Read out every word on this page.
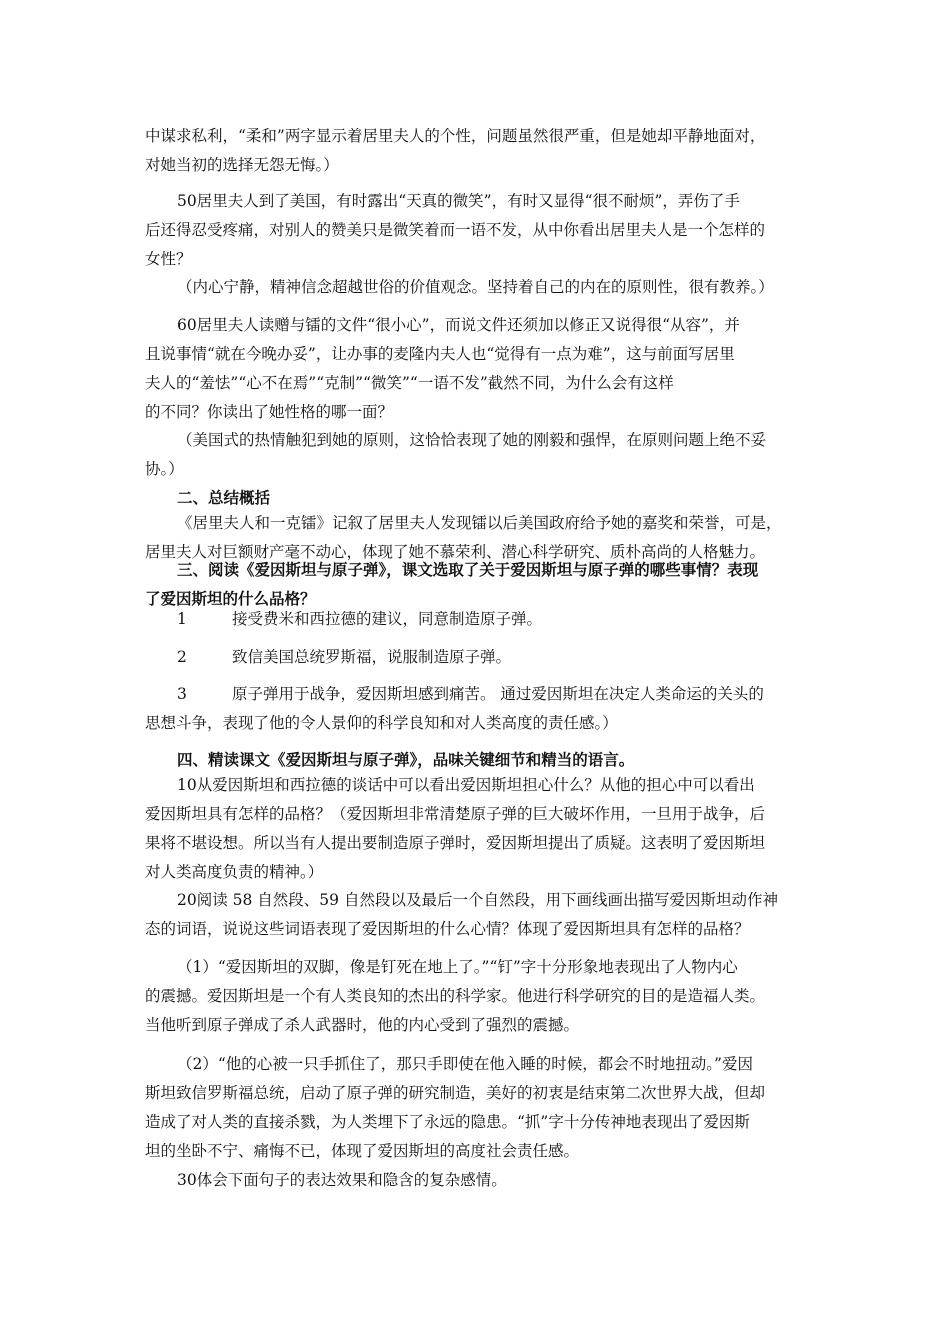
中谋求私利，“柔和”两字显示着居里夫人的个性，问题虽然很严重，但是她却平静地面对，
对她当初的选择无怨无悔。）
50居里夫人到了美国，有时露出“天真的微笑”，有时又显得“很不耐烦”，弄伤了手
后还得忍受疼痛，对别人的赞美只是微笑着而一语不发，从中你看出居里夫人是一个怎样的
女性？
（内心宁静，精神信念超越世俗的价值观念。坚持着自己的内在的原则性，很有教养。）
60居里夫人读赠与镭的文件“很小心”，而说文件还须加以修正又说得很“从容”，并
且说事情“就在今晚办妥”，让办事的麦隆内夫人也“觉得有一点为难”，这与前面写居里
夫人的“羞怯”“心不在焉”“克制”“微笑”“一语不发”截然不同，为什么会有这样
的不同？你读出了她性格的哪一面？
（美国式的热情触犯到她的原则，这恰恰表现了她的刚毅和强悍，在原则问题上绝不妥
协。）
二、总结概括
《居里夫人和一克镭》记叙了居里夫人发现镭以后美国政府给予她的嘉奖和荣誉，可是，
居里夫人对巨额财产毫不动心，体现了她不慕荣利、潜心科学研究、质朴高尚的人格魅力。
三、阅读《爱因斯坦与原子弹》，课文选取了关于爱因斯坦与原子弹的哪些事情？表现
了爱因斯坦的什么品格？
1	接受费米和西拉德的建议，同意制造原子弹。
2	致信美国总统罗斯福，说服制造原子弹。
3	原子弹用于战争，爱因斯坦感到痛苦。 通过爱因斯坦在决定人类命运的关头的
思想斗争，表现了他的令人景仰的科学良知和对人类高度的责任感。）
四、精读课文《爱因斯坦与原子弹》，品味关键细节和精当的语言。
10从爱因斯坦和西拉德的谈话中可以看出爱因斯坦担心什么？从他的担心中可以看出
爱因斯坦具有怎样的品格？（爱因斯坦非常清楚原子弹的巨大破坏作用，一旦用于战争，后
果将不堪设想。所以当有人提出要制造原子弹时，爱因斯坦提出了质疑。这表明了爱因斯坦
对人类高度负责的精神。）
20阅读 58 自然段、59 自然段以及最后一个自然段，用下画线画出描写爱因斯坦动作神
态的词语，说说这些词语表现了爱因斯坦的什么心情？体现了爱因斯坦具有怎样的品格？
（1）“爱因斯坦的双脚，像是钉死在地上了。”“钉”字十分形象地表现出了人物内心
的震撼。爱因斯坦是一个有人类良知的杰出的科学家。他进行科学研究的目的是造福人类。
当他听到原子弹成了杀人武器时，他的内心受到了强烈的震撼。
（2）“他的心被一只手抓住了，那只手即使在他入睡的时候，都会不时地扭动。”爱因
斯坦致信罗斯福总统，启动了原子弹的研究制造，美好的初衷是结束第二次世界大战，但却
造成了对人类的直接杀戮，为人类埋下了永远的隐患。“抓”字十分传神地表现出了爱因斯
坦的坐卧不宁、痛悔不已，体现了爱因斯坦的高度社会责任感。
30体会下面句子的表达效果和隐含的复杂感情。
